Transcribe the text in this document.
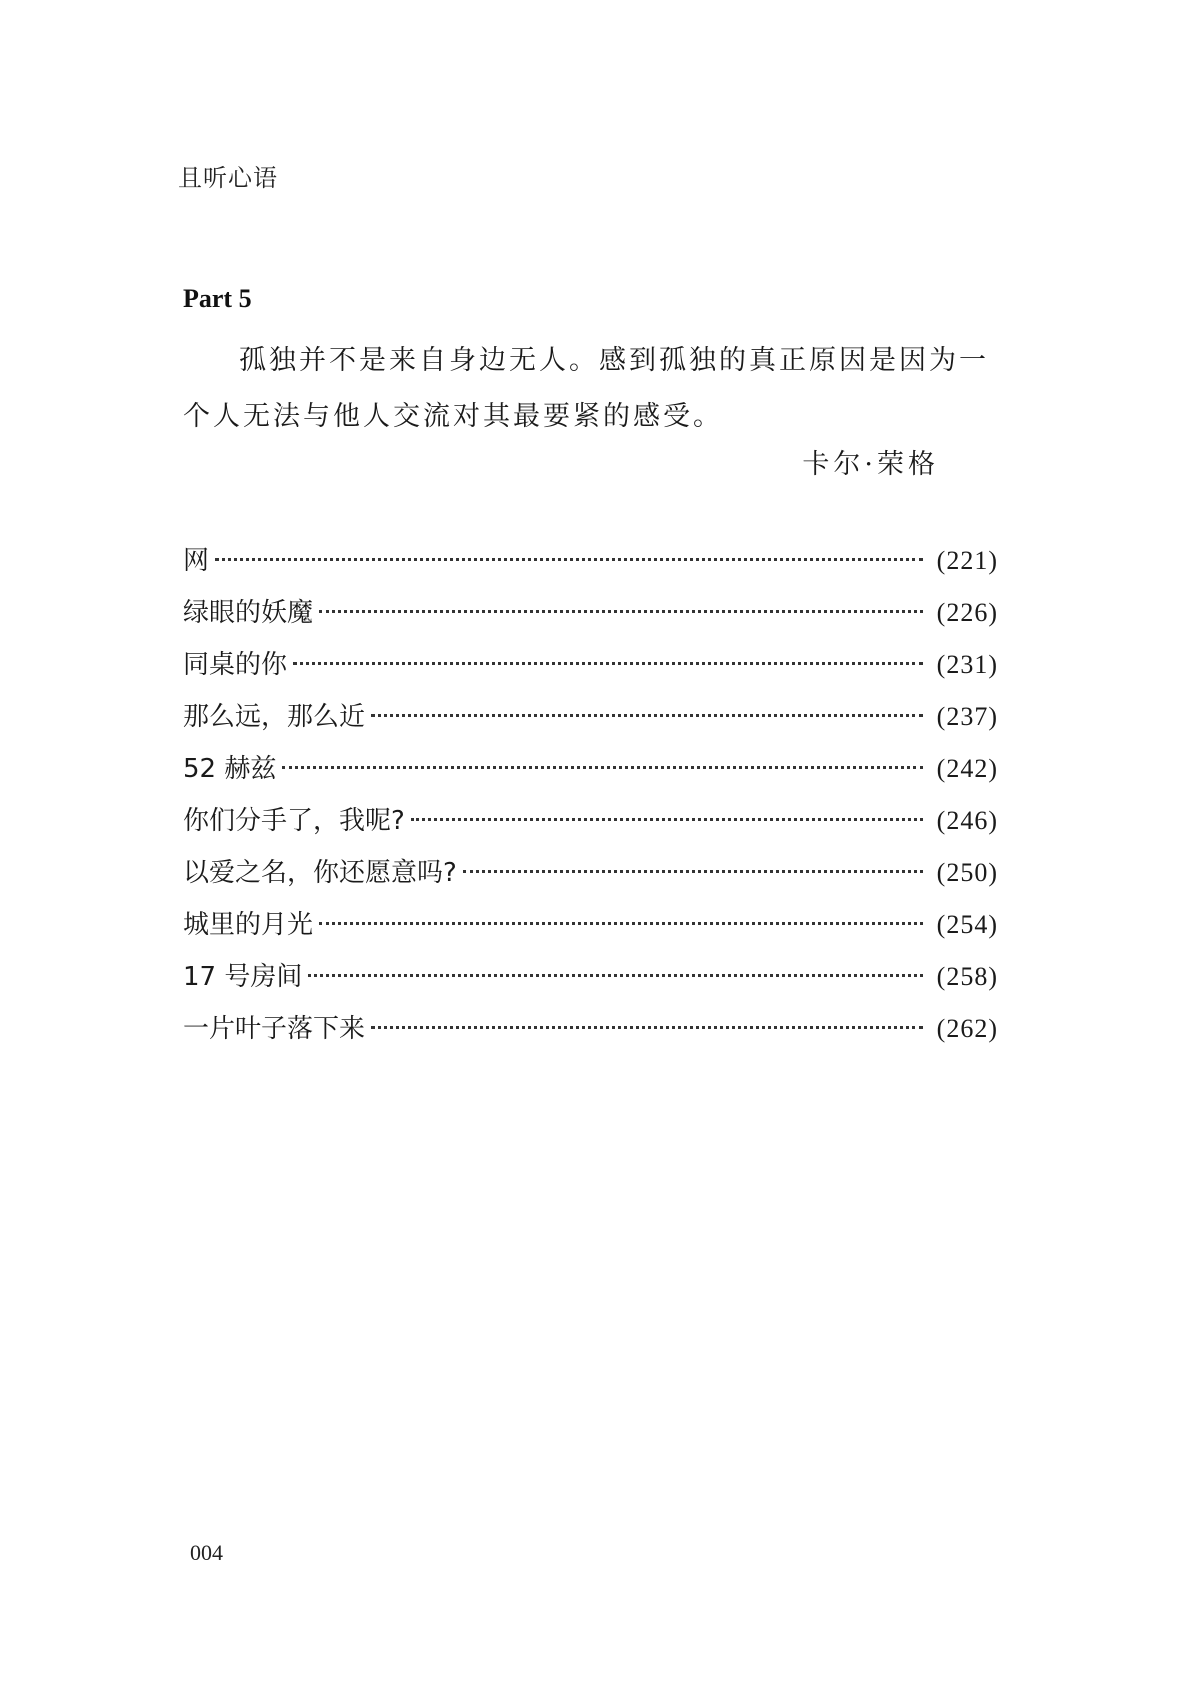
且听心语
Part 5

孤独并不是来自身边无人。感到孤独的真正原因是因为一个人无法与他人交流对其最要紧的感受。

卡尔·荣格
网	(221)
绿眼的妖魔	(226)
同桌的你	(231)
那么远，那么近	(237)
52 赫兹	(242)
你们分手了，我呢?	(246)
以爱之名，你还愿意吗?	(250)
城里的月光	(254)
17 号房间	(258)
一片叶子落下来	(262)
004
